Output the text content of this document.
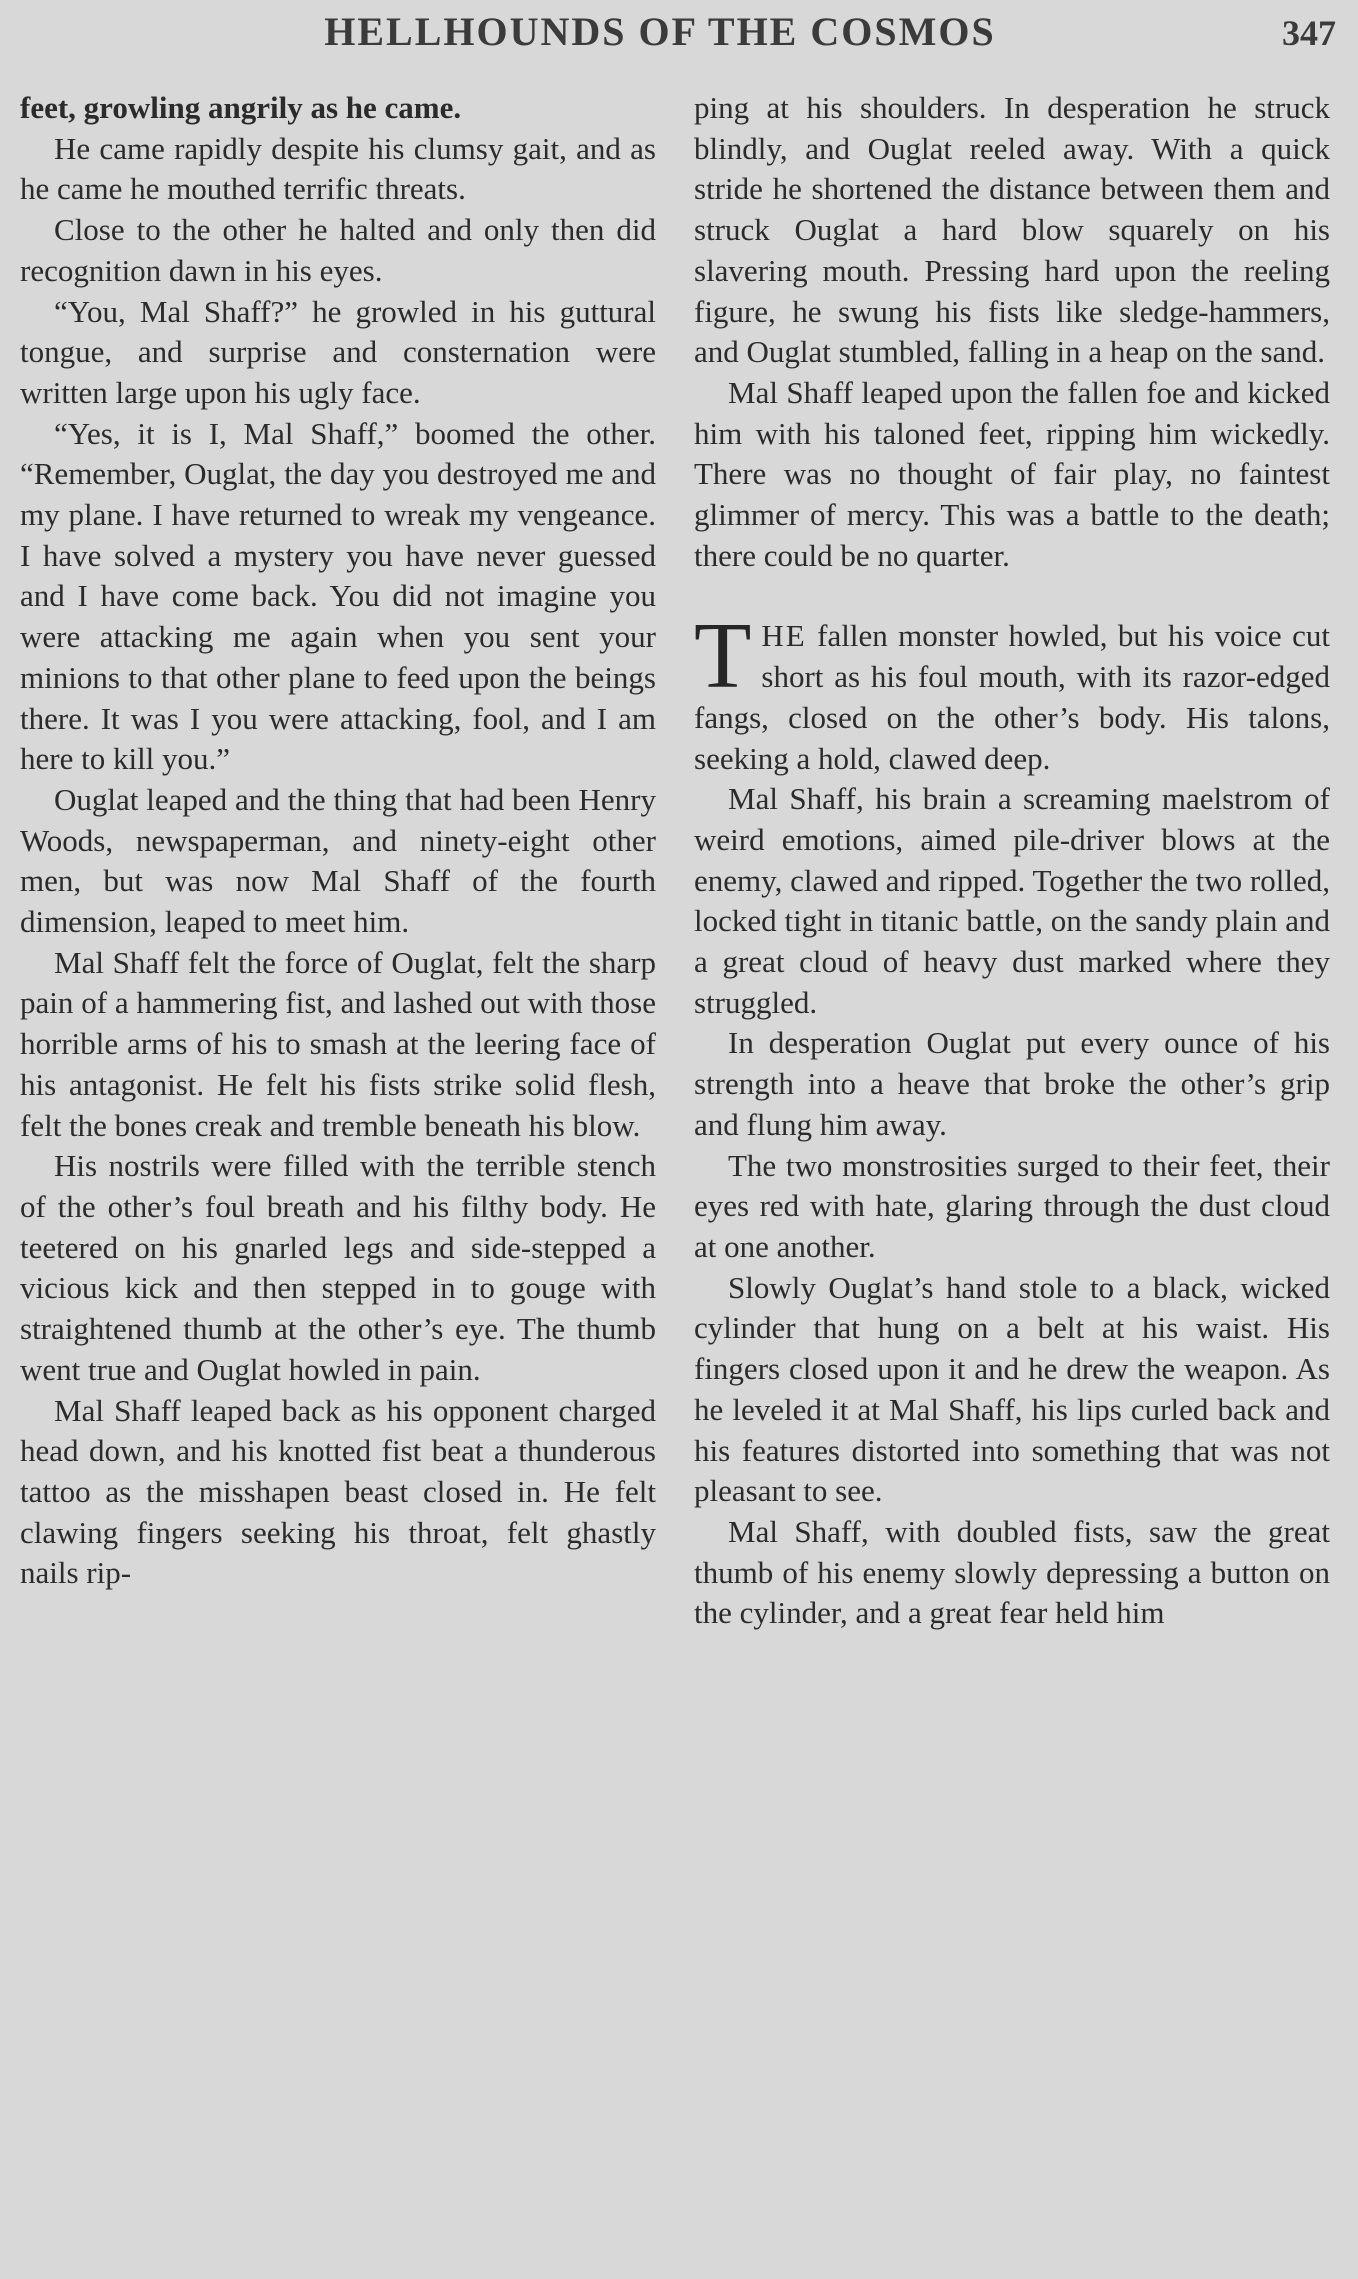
HELLHOUNDS OF THE COSMOS	347

feet, growling angrily as he came.

He came rapidly despite his clumsy gait, and as he came he mouthed terrific threats.

Close to the other he halted and only then did recognition dawn in his eyes.

“You, Mal Shaff?” he growled in his guttural tongue, and surprise and consternation were written large upon his ugly face.

“Yes, it is I, Mal Shaff,” boomed the other. “Remember, Ouglat, the day you destroyed me and my plane. I have returned to wreak my vengeance. I have solved a mystery you have never guessed and I have come back. You did not imagine you were attacking me again when you sent your minions to that other plane to feed upon the beings there. It was I you were attacking, fool, and I am here to kill you.”

Ouglat leaped and the thing that had been Henry Woods, newspaperman, and ninety-eight other men, but was now Mal Shaff of the fourth dimension, leaped to meet him.

Mal Shaff felt the force of Ouglat, felt the sharp pain of a hammering fist, and lashed out with those horrible arms of his to smash at the leering face of his antagonist. He felt his fists strike solid flesh, felt the bones creak and tremble beneath his blow.

His nostrils were filled with the terrible stench of the other’s foul breath and his filthy body. He teetered on his gnarled legs and side-stepped a vicious kick and then stepped in to gouge with straightened thumb at the other’s eye. The thumb went true and Ouglat howled in pain.

Mal Shaff leaped back as his opponent charged head down, and his knotted fist beat a thunderous tattoo as the misshapen beast closed in. He felt clawing fingers seeking his throat, felt ghastly nails rip-

ping at his shoulders. In desperation he struck blindly, and Ouglat reeled away. With a quick stride he shortened the distance between them and struck Ouglat a hard blow squarely on his slavering mouth. Pressing hard upon the reeling figure, he swung his fists like sledge-hammers, and Ouglat stumbled, falling in a heap on the sand.

Mal Shaff leaped upon the fallen foe and kicked him with his taloned feet, ripping him wickedly. There was no thought of fair play, no faintest glimmer of mercy. This was a battle to the death; there could be no quarter.

THE fallen monster howled, but his voice cut short as his foul mouth, with its razor-edged fangs, closed on the other’s body. His talons, seeking a hold, clawed deep.

Mal Shaff, his brain a screaming maelstrom of weird emotions, aimed pile-driver blows at the enemy, clawed and ripped. Together the two rolled, locked tight in titanic battle, on the sandy plain and a great cloud of heavy dust marked where they struggled.

In desperation Ouglat put every ounce of his strength into a heave that broke the other’s grip and flung him away.

The two monstrosities surged to their feet, their eyes red with hate, glaring through the dust cloud at one another.

Slowly Ouglat’s hand stole to a black, wicked cylinder that hung on a belt at his waist. His fingers closed upon it and he drew the weapon. As he leveled it at Mal Shaff, his lips curled back and his features distorted into something that was not pleasant to see.

Mal Shaff, with doubled fists, saw the great thumb of his enemy slowly depressing a button on the cylinder, and a great fear held him
